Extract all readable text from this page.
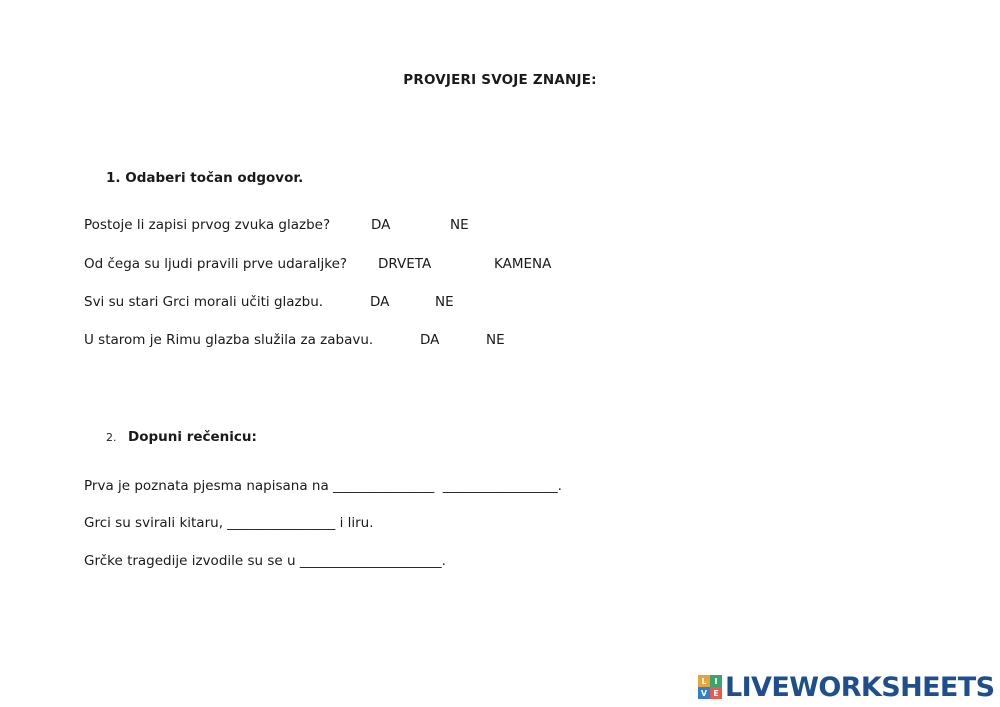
PROVJERI SVOJE ZNANJE:
1. Odaberi točan odgovor.
Postoje li zapisi prvog zvuka glazbe?	DA	NE
Od čega su ljudi pravili prve udaraljke? DRVETA	KAMENA
Svi su stari Grci morali učiti glazbu.	DA	NE
U starom je Rimu glazba služila za zabavu.	DA	NE
2. Dopuni rečenicu:
Prva je poznata pjesma napisana na _______________  _________________.
Grci su svirali kitaru, ________________ i liru.
Grčke tragedije izvodile su se u _____________________.
L I
V E LIVEWORKSHEETS
